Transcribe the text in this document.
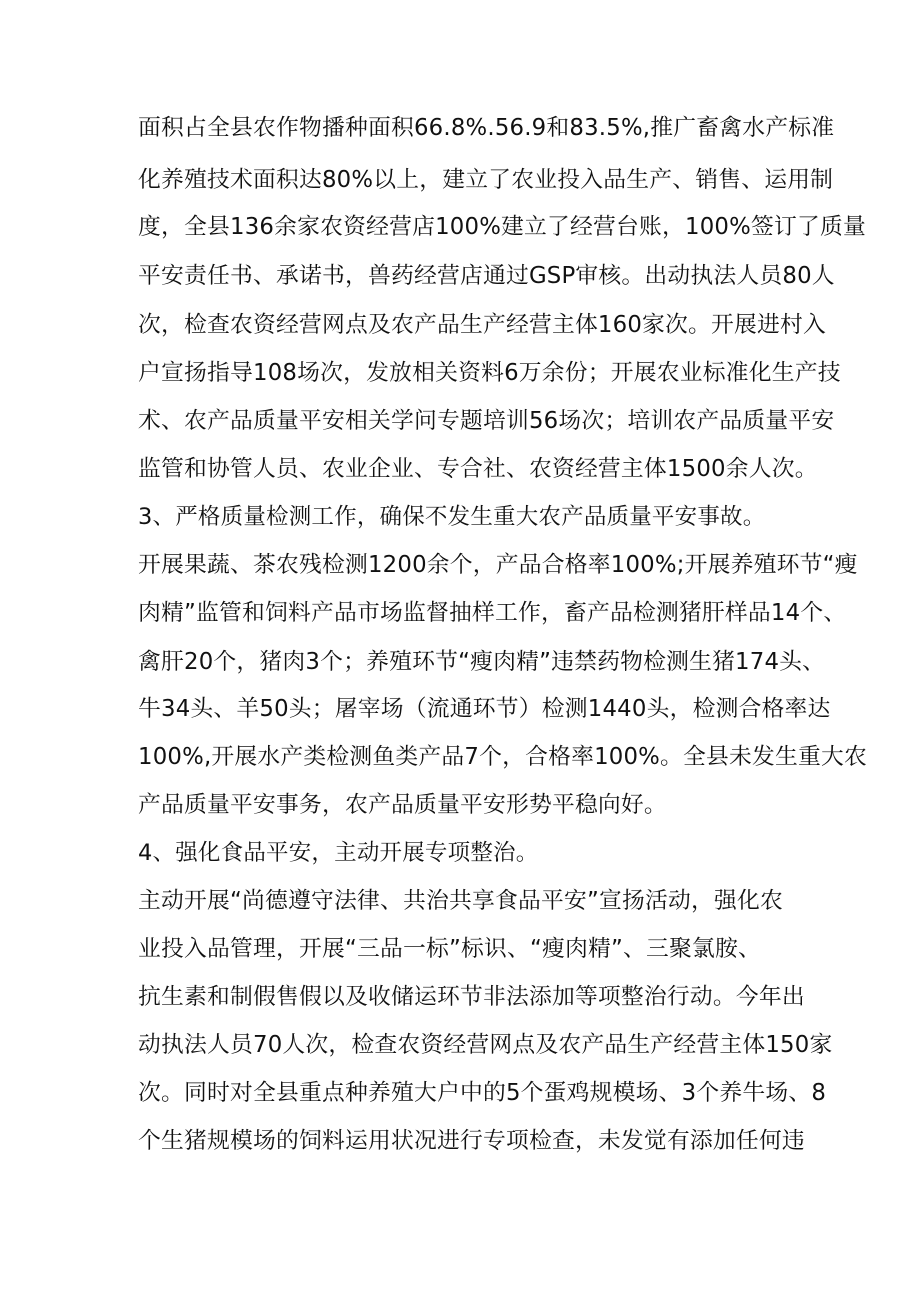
面积占全县农作物播种面积66.8%.56.9和83.5%,推广畜禽水产标准
化养殖技术面积达80%以上，建立了农业投入品生产、销售、运用制
度，全县136余家农资经营店100%建立了经营台账，100%签订了质量
平安责任书、承诺书，兽药经营店通过GSP审核。出动执法人员80人
次，检查农资经营网点及农产品生产经营主体160家次。开展进村入
户宣扬指导108场次，发放相关资料6万余份；开展农业标准化生产技
术、农产品质量平安相关学问专题培训56场次；培训农产品质量平安
监管和协管人员、农业企业、专合社、农资经营主体1500余人次。
3、严格质量检测工作，确保不发生重大农产品质量平安事故。
开展果蔬、茶农残检测1200余个，产品合格率100%;开展养殖环节“瘦
肉精”监管和饲料产品市场监督抽样工作，畜产品检测猪肝样品14个、
禽肝20个，猪肉3个；养殖环节“瘦肉精”违禁药物检测生猪174头、
牛34头、羊50头；屠宰场（流通环节）检测1440头，检测合格率达
100%,开展水产类检测鱼类产品7个，合格率100%。全县未发生重大农
产品质量平安事务，农产品质量平安形势平稳向好。
4、强化食品平安，主动开展专项整治。
主动开展“尚德遵守法律、共治共享食品平安”宣扬活动，强化农
业投入品管理，开展“三品一标”标识、“瘦肉精”、三聚氯胺、
抗生素和制假售假以及收储运环节非法添加等项整治行动。今年出
动执法人员70人次，检查农资经营网点及农产品生产经营主体150家
次。同时对全县重点种养殖大户中的5个蛋鸡规模场、3个养牛场、8
个生猪规模场的饲料运用状况进行专项检查，未发觉有添加任何违
